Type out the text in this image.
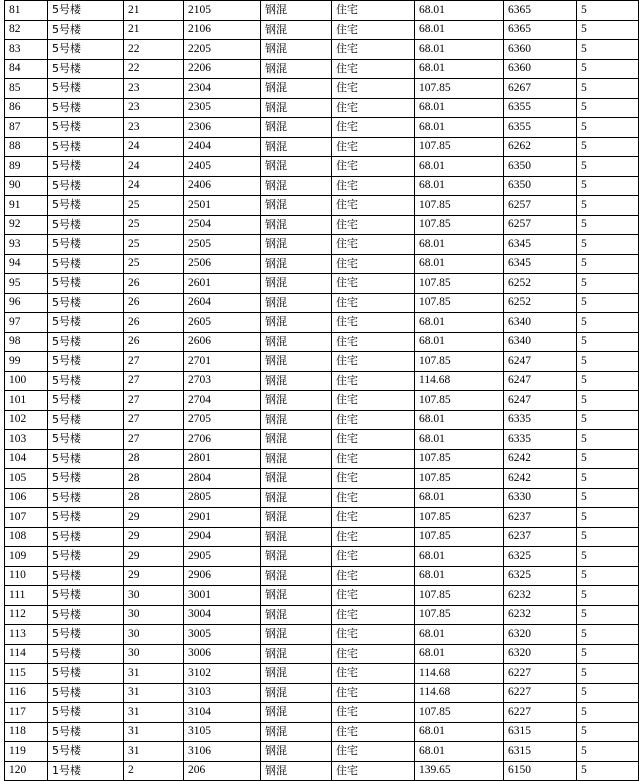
81	5号楼	21	2105	钢混	住宅	68.01	6365	5
82	5号楼	21	2106	钢混	住宅	68.01	6365	5
83	5号楼	22	2205	钢混	住宅	68.01	6360	5
84	5号楼	22	2206	钢混	住宅	68.01	6360	5
85	5号楼	23	2304	钢混	住宅	107.85	6267	5
86	5号楼	23	2305	钢混	住宅	68.01	6355	5
87	5号楼	23	2306	钢混	住宅	68.01	6355	5
88	5号楼	24	2404	钢混	住宅	107.85	6262	5
89	5号楼	24	2405	钢混	住宅	68.01	6350	5
90	5号楼	24	2406	钢混	住宅	68.01	6350	5
91	5号楼	25	2501	钢混	住宅	107.85	6257	5
92	5号楼	25	2504	钢混	住宅	107.85	6257	5
93	5号楼	25	2505	钢混	住宅	68.01	6345	5
94	5号楼	25	2506	钢混	住宅	68.01	6345	5
95	5号楼	26	2601	钢混	住宅	107.85	6252	5
96	5号楼	26	2604	钢混	住宅	107.85	6252	5
97	5号楼	26	2605	钢混	住宅	68.01	6340	5
98	5号楼	26	2606	钢混	住宅	68.01	6340	5
99	5号楼	27	2701	钢混	住宅	107.85	6247	5
100	5号楼	27	2703	钢混	住宅	114.68	6247	5
101	5号楼	27	2704	钢混	住宅	107.85	6247	5
102	5号楼	27	2705	钢混	住宅	68.01	6335	5
103	5号楼	27	2706	钢混	住宅	68.01	6335	5
104	5号楼	28	2801	钢混	住宅	107.85	6242	5
105	5号楼	28	2804	钢混	住宅	107.85	6242	5
106	5号楼	28	2805	钢混	住宅	68.01	6330	5
107	5号楼	29	2901	钢混	住宅	107.85	6237	5
108	5号楼	29	2904	钢混	住宅	107.85	6237	5
109	5号楼	29	2905	钢混	住宅	68.01	6325	5
110	5号楼	29	2906	钢混	住宅	68.01	6325	5
111	5号楼	30	3001	钢混	住宅	107.85	6232	5
112	5号楼	30	3004	钢混	住宅	107.85	6232	5
113	5号楼	30	3005	钢混	住宅	68.01	6320	5
114	5号楼	30	3006	钢混	住宅	68.01	6320	5
115	5号楼	31	3102	钢混	住宅	114.68	6227	5
116	5号楼	31	3103	钢混	住宅	114.68	6227	5
117	5号楼	31	3104	钢混	住宅	107.85	6227	5
118	5号楼	31	3105	钢混	住宅	68.01	6315	5
119	5号楼	31	3106	钢混	住宅	68.01	6315	5
120	1号楼	2	206	钢混	住宅	139.65	6150	5
